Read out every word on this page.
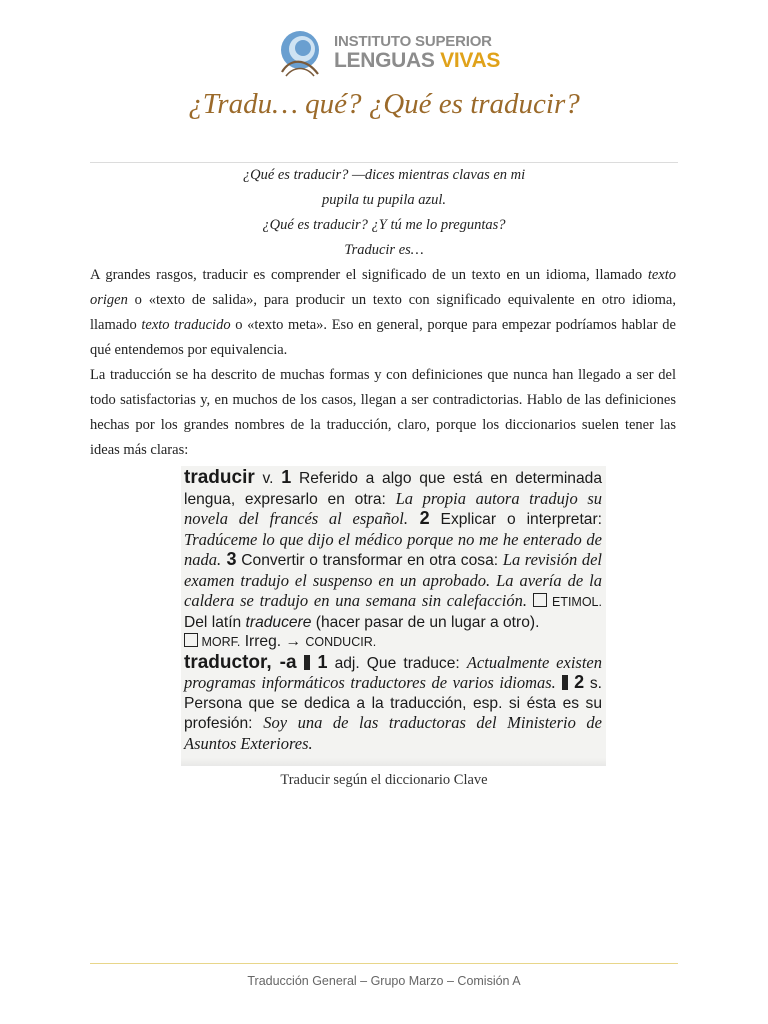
INSTITUTO SUPERIOR
LENGUAS VIVAS
¿Tradu… qué? ¿Qué es traducir?
¿Qué es traducir? —dices mientras clavas en mi
pupila tu pupila azul.
¿Qué es traducir? ¿Y tú me lo preguntas?
Traducir es…

A grandes rasgos, traducir es comprender el significado de un texto en un idioma, llamado texto origen o «texto de salida», para producir un texto con significado equivalente en otro idioma, llamado texto traducido o «texto meta». Eso en general, porque para empezar podríamos hablar de qué entendemos por equivalencia.

La traducción se ha descrito de muchas formas y con definiciones que nunca han llegado a ser del todo satisfactorias y, en muchos de los casos, llegan a ser contradictorias. Hablo de las definiciones hechas por los grandes nombres de la traducción, claro, porque los diccionarios suelen tener las ideas más claras:

traducir v. 1 Referido a algo que está en determinada lengua, expresarlo en otra: La propia autora tradujo su novela del francés al español. 2 Explicar o interpretar: Tradúceme lo que dijo el médico porque no me he enterado de nada. 3 Convertir o transformar en otra cosa: La revisión del examen tradujo el suspenso en un aprobado. La avería de la caldera se tradujo en una semana sin calefacción.  ETIMOL. Del latín traducere (hacer pasar de un lugar a otro).
MORF. Irreg. → CONDUCIR.
traductor, -a  1 adj. Que traduce: Actualmente existen programas informáticos traductores de varios idiomas.  2 s. Persona que se dedica a la traducción, esp. si ésta es su profesión: Soy una de las traductoras del Ministerio de Asuntos Exteriores.
Traducir según el diccionario Clave
Traducción General – Grupo Marzo – Comisión A
